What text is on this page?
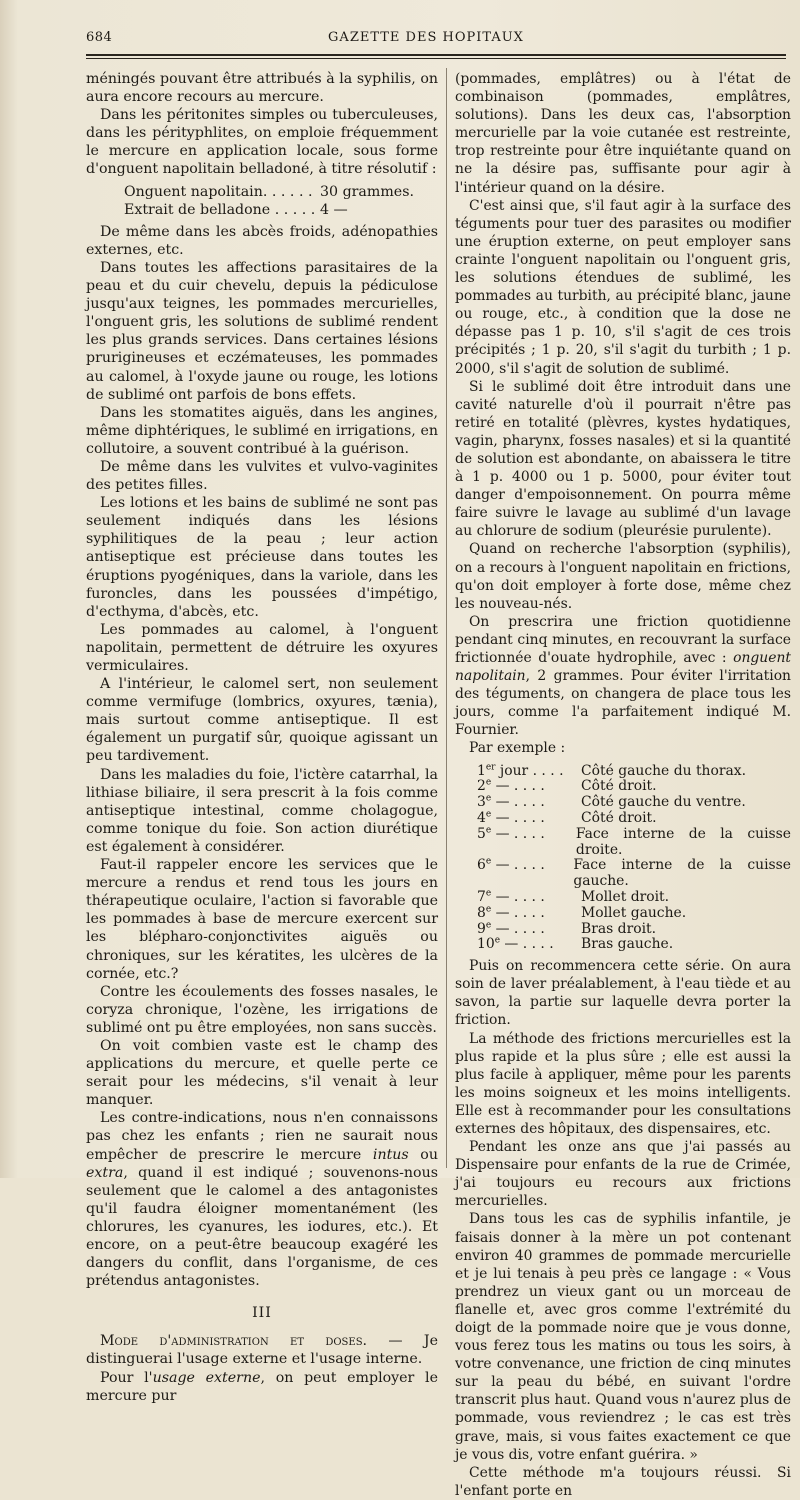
684	GAZETTE DES HOPITAUX

méningés pouvant être attribués à la syphilis, on aura encore recours au mercure.

Dans les péritonites simples ou tuberculeuses, dans les pérityphlites, on emploie fréquemment le mercure en application locale, sous forme d'onguent napolitain belladoné, à titre résolutif :

Onguent napolitain. . . . . . 30 grammes.
Extrait de belladone . . . . . 4 —

De même dans les abcès froids, adénopathies externes, etc.

Dans toutes les affections parasitaires de la peau et du cuir chevelu, depuis la pédiculose jusqu'aux teignes, les pommades mercurielles, l'onguent gris, les solutions de sublimé rendent les plus grands services. Dans certaines lésions prurigineuses et eczémateuses, les pommades au calomel, à l'oxyde jaune ou rouge, les lotions de sublimé ont parfois de bons effets.

Dans les stomatites aiguës, dans les angines, même diphtériques, le sublimé en irrigations, en collutoire, a souvent contribué à la guérison.

De même dans les vulvites et vulvo-vaginites des petites filles.

Les lotions et les bains de sublimé ne sont pas seulement indiqués dans les lésions syphilitiques de la peau ; leur action antiseptique est précieuse dans toutes les éruptions pyogéniques, dans la variole, dans les furoncles, dans les poussées d'impétigo, d'ecthyma, d'abcès, etc.

Les pommades au calomel, à l'onguent napolitain, permettent de détruire les oxyures vermiculaires.

A l'intérieur, le calomel sert, non seulement comme vermifuge (lombrics, oxyures, tænia), mais surtout comme antiseptique. Il est également un purgatif sûr, quoique agissant un peu tardivement.

Dans les maladies du foie, l'ictère catarrhal, la lithiase biliaire, il sera prescrit à la fois comme antiseptique intestinal, comme cholagogue, comme tonique du foie. Son action diurétique est également à considérer.

Faut-il rappeler encore les services que le mercure a rendus et rend tous les jours en thérapeutique oculaire, l'action si favorable que les pommades à base de mercure exercent sur les blépharo-conjonctivites aiguës ou chroniques, sur les kératites, les ulcères de la cornée, etc.?

Contre les écoulements des fosses nasales, le coryza chronique, l'ozène, les irrigations de sublimé ont pu être employées, non sans succès.

On voit combien vaste est le champ des applications du mercure, et quelle perte ce serait pour les médecins, s'il venait à leur manquer.

Les contre-indications, nous n'en connaissons pas chez les enfants ; rien ne saurait nous empêcher de prescrire le mercure intus ou extra, quand il est indiqué ; souvenons-nous seulement que le calomel a des antagonistes qu'il faudra éloigner momentanément (les chlorures, les cyanures, les iodures, etc.). Et encore, on a peut-être beaucoup exagéré les dangers du conflit, dans l'organisme, de ces prétendus antagonistes.

III

Mode d'administration et doses. — Je distinguerai l'usage externe et l'usage interne.

Pour l'usage externe, on peut employer le mercure pur

(pommades, emplâtres) ou à l'état de combinaison (pommades, emplâtres, solutions). Dans les deux cas, l'absorption mercurielle par la voie cutanée est restreinte, trop restreinte pour être inquiétante quand on ne la désire pas, suffisante pour agir à l'intérieur quand on la désire.

C'est ainsi que, s'il faut agir à la surface des téguments pour tuer des parasites ou modifier une éruption externe, on peut employer sans crainte l'onguent napolitain ou l'onguent gris, les solutions étendues de sublimé, les pommades au turbith, au précipité blanc, jaune ou rouge, etc., à condition que la dose ne dépasse pas 1 p. 10, s'il s'agit de ces trois précipités ; 1 p. 20, s'il s'agit du turbith ; 1 p. 2000, s'il s'agit de solution de sublimé.

Si le sublimé doit être introduit dans une cavité naturelle d'où il pourrait n'être pas retiré en totalité (plèvres, kystes hydatiques, vagin, pharynx, fosses nasales) et si la quantité de solution est abondante, on abaissera le titre à 1 p. 4000 ou 1 p. 5000, pour éviter tout danger d'empoisonnement. On pourra même faire suivre le lavage au sublimé d'un lavage au chlorure de sodium (pleurésie purulente).

Quand on recherche l'absorption (syphilis), on a recours à l'onguent napolitain en frictions, qu'on doit employer à forte dose, même chez les nouveau-nés.

On prescrira une friction quotidienne pendant cinq minutes, en recouvrant la surface frictionnée d'ouate hydrophile, avec : onguent napolitain, 2 grammes. Pour éviter l'irritation des téguments, on changera de place tous les jours, comme l'a parfaitement indiqué M. Fournier.

Par exemple :

1er jour . . . .	Côté gauche du thorax.
2e — . . . .	Côté droit.
3e — . . . .	Côté gauche du ventre.
4e — . . . .	Côté droit.
5e — . . . .	Face interne de la cuisse droite.
6e — . . . .	Face interne de la cuisse gauche.
7e — . . . .	Mollet droit.
8e — . . . .	Mollet gauche.
9e — . . . .	Bras droit.
10e — . . . .	Bras gauche.

Puis on recommencera cette série. On aura soin de laver préalablement, à l'eau tiède et au savon, la partie sur laquelle devra porter la friction.

La méthode des frictions mercurielles est la plus rapide et la plus sûre ; elle est aussi la plus facile à appliquer, même pour les parents les moins soigneux et les moins intelligents. Elle est à recommander pour les consultations externes des hôpitaux, des dispensaires, etc.

Pendant les onze ans que j'ai passés au Dispensaire pour enfants de la rue de Crimée, j'ai toujours eu recours aux frictions mercurielles.

Dans tous les cas de syphilis infantile, je faisais donner à la mère un pot contenant environ 40 grammes de pommade mercurielle et je lui tenais à peu près ce langage : « Vous prendrez un vieux gant ou un morceau de flanelle et, avec gros comme l'extrémité du doigt de la pommade noire que je vous donne, vous ferez tous les matins ou tous les soirs, à votre convenance, une friction de cinq minutes sur la peau du bébé, en suivant l'ordre transcrit plus haut. Quand vous n'aurez plus de pommade, vous reviendrez ; le cas est très grave, mais, si vous faites exactement ce que je vous dis, votre enfant guérira. »

Cette méthode m'a toujours réussi. Si l'enfant porte en
